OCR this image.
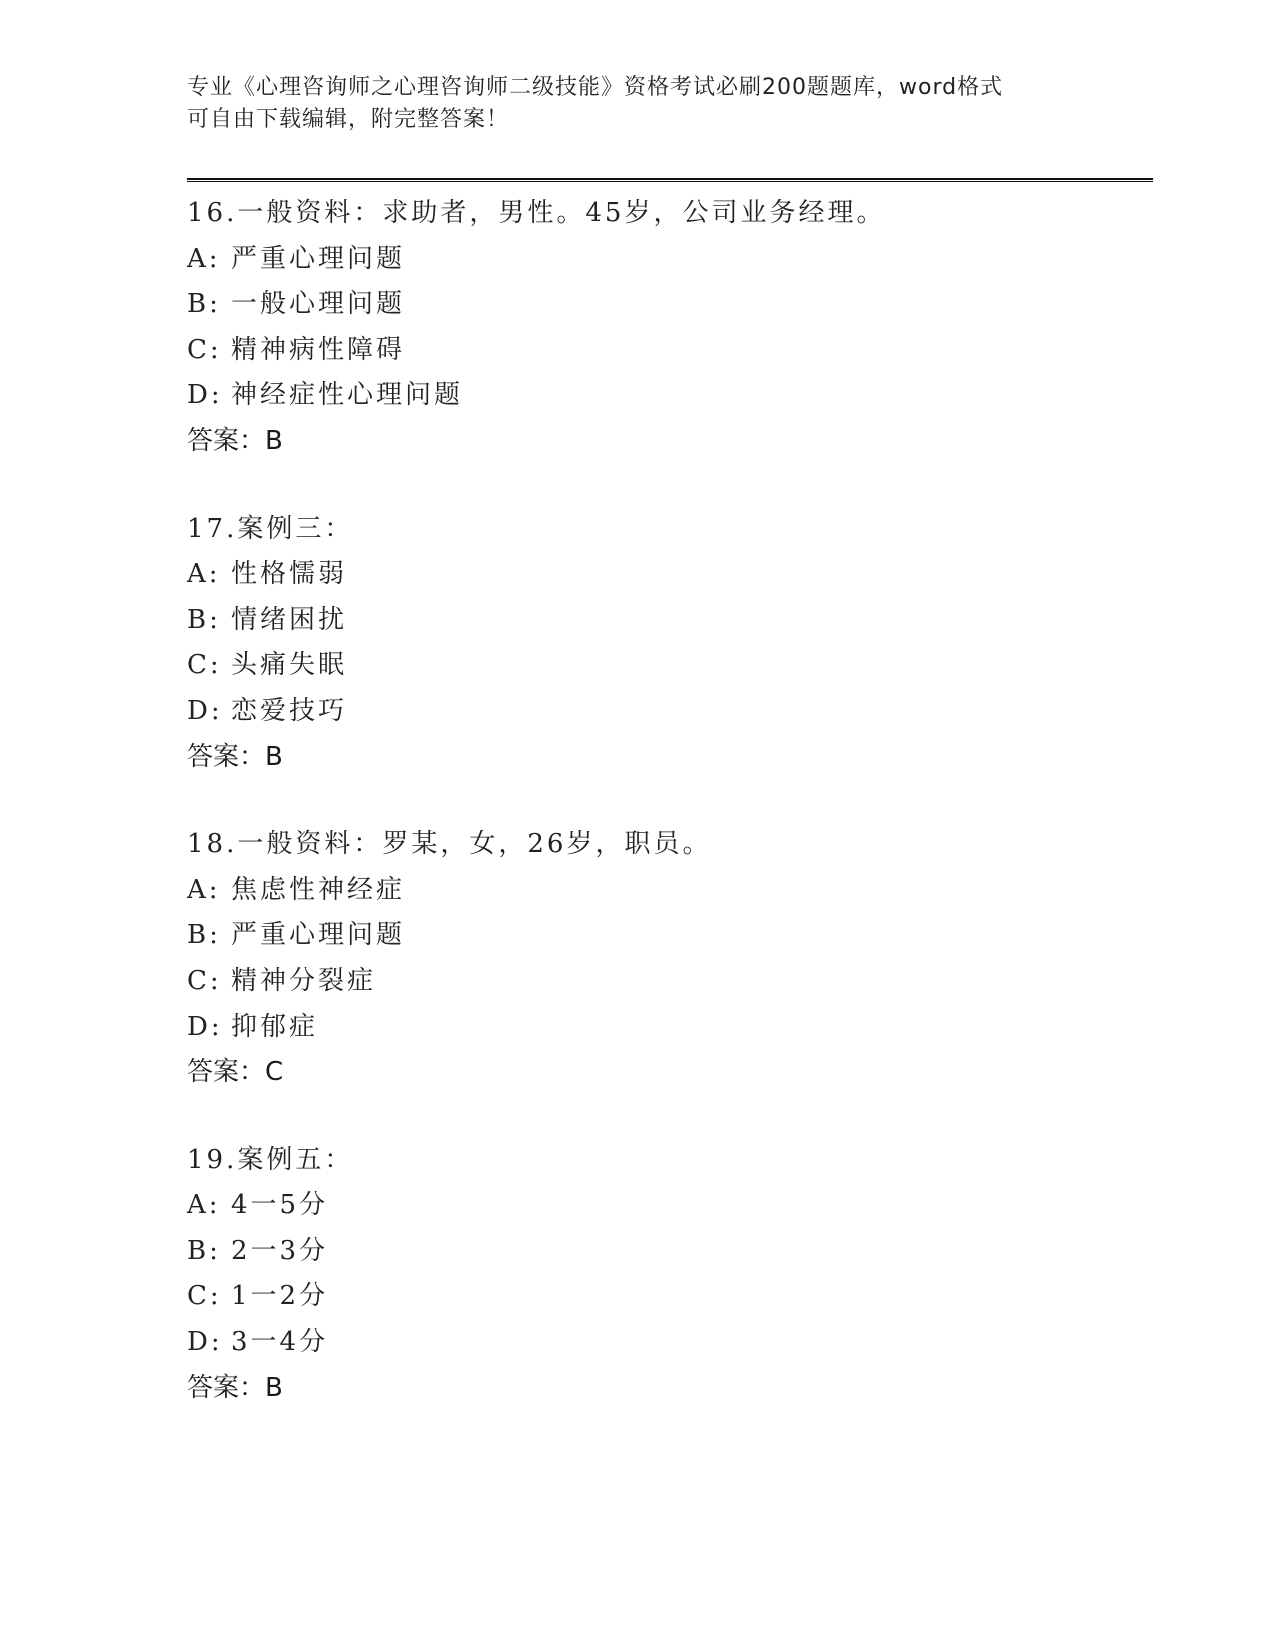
专业《心理咨询师之心理咨询师二级技能》资格考试必刷200题题库，word格式
可自由下载编辑，附完整答案！
16.一般资料：求助者，男性。45岁，公司业务经理。
A: 严重心理问题
B: 一般心理问题
C: 精神病性障碍
D: 神经症性心理问题
答案：B
17.案例三：
A: 性格懦弱
B: 情绪困扰
C: 头痛失眠
D: 恋爱技巧
答案：B
18.一般资料：罗某，女，26岁，职员。
A: 焦虑性神经症
B: 严重心理问题
C: 精神分裂症
D: 抑郁症
答案：C
19.案例五：
A: 4一5分
B: 2一3分
C: 1一2分
D: 3一4分
答案：B
